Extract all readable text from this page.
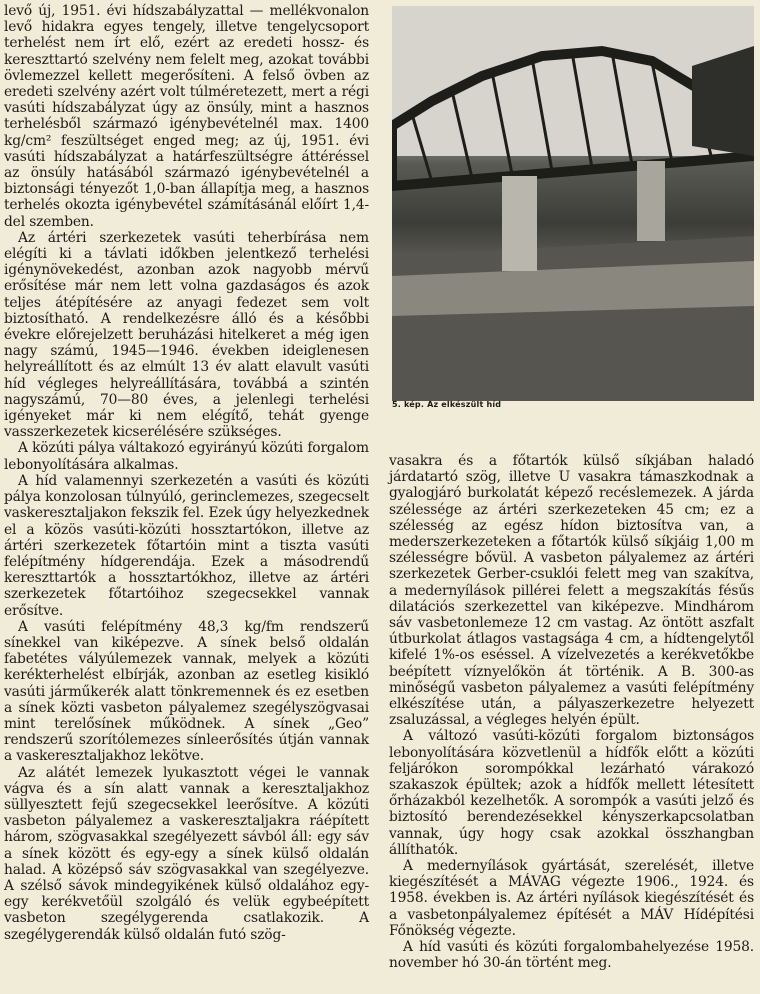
levő új, 1951. évi hídszabályzattal — mellékvonalon levő hidakra egyes tengely, illetve tengelycsoport terhelést nem írt elő, ezért az eredeti hossz- és kereszttartó szelvény nem felelt meg, azokat további övlemezzel kellett megerősíteni. A felső övben az eredeti szelvény azért volt túlméretezett, mert a régi vasúti hídszabályzat úgy az önsúly, mint a hasznos terhelésből származó igénybevételnél max. 1400 kg/cm² feszültséget enged meg; az új, 1951. évi vasúti hídszabályzat a határfeszültségre áttéréssel az önsúly hatásából származó igénybevételnél a biztonsági tényezőt 1,0-ban állapítja meg, a hasznos terhelés okozta igénybevétel számításánál előírt 1,4-del szemben.

Az ártéri szerkezetek vasúti teherbírása nem elégíti ki a távlati időkben jelentkező terhelési igénynövekedést, azonban azok nagyobb mérvű erősítése már nem lett volna gazdaságos és azok teljes átépítésére az anyagi fedezet sem volt biztosítható. A rendelkezésre álló és a későbbi évekre előrejelzett beruházási hitelkeret a még igen nagy számú, 1945—1946. években ideiglenesen helyreállított és az elmúlt 13 év alatt elavult vasúti híd végleges helyreállítására, továbbá a szintén nagyszámú, 70—80 éves, a jelenlegi terhelési igényeket már ki nem elégítő, tehát gyenge vasszerkezetek kicserélésére szükséges.

A közúti pálya váltakozó egyirányú közúti forgalom lebonyolítására alkalmas.

A híd valamennyi szerkezetén a vasúti és közúti pálya konzolosan túlnyúló, gerinclemezes, szegecselt vaskeresztaljakon fekszik fel. Ezek úgy helyezkednek el a közös vasúti-közúti hossztartókon, illetve az ártéri szerkezetek főtartóin mint a tiszta vasúti felépítmény hídgerendája. Ezek a másodrendű kereszttartók a hossztartókhoz, illetve az ártéri szerkezetek főtartóihoz szegecsekkel vannak erősítve.

A vasúti felépítmény 48,3 kg/fm rendszerű sínekkel van kiképezve. A sínek belső oldalán fabetétes vályúlemezek vannak, melyek a közúti kerékterhelést elbírják, azonban az esetleg kisiklό vasúti járműkerék alatt tönkremennek és ez esetben a sínek közti vasbeton pályalemez szegélyszögvasai mint terelősínek működnek. A sínek „Geo” rendszerű szorítólemezes sínleerősítés útján vannak a vaskeresztaljakhoz lekötve.

Az alátét lemezek lyukasztott végei le vannak vágva és a sín alatt vannak a keresztaljakhoz süllyesztett fejű szegecsekkel leerősítve. A közúti vasbeton pályalemez a vaskeresztaljakra ráépített három, szögvasakkal szegélyezett sávból áll: egy sáv a sínek között és egy-egy a sínek külső oldalán halad. A középső sáv szögvasakkal van szegélyezve. A szélső sávok mindegyikének külső oldalához egy-egy kerékvetőül szolgáló és velük egybeépített vasbeton szegélygerenda csatlakozik. A szegélygerendák külső oldalán futó szög-

5. kép. Az elkészült híd

vasakra és a főtartók külső síkjában haladó járdatartó szög, illetve U vasakra támaszkodnak a gyalogjáró burkolatát képező recéslemezek. A járda szélessége az ártéri szerkezeteken 45 cm; ez a szélesség az egész hídon biztosítva van, a mederszerkezeteken a főtartók külső síkjáig 1,00 m szélességre bővül. A vasbeton pályalemez az ártéri szerkezetek Gerber-csuklói felett meg van szakítva, a medernyílások pillérei felett a megszakítás fésűs dilatációs szerkezettel van kiképezve. Mindhárom sáv vasbetonlemeze 12 cm vastag. Az öntött aszfalt útburkolat átlagos vastagsága 4 cm, a hídtengelytől kifelé 1%-os eséssel. A vízelvezetés a kerékvetőkbe beépített víznyelőkön át történik. A B. 300-as minőségű vasbeton pályalemez a vasúti felépítmény elkészítése után, a pályaszerkezetre helyezett zsaluzással, a végleges helyén épült.

A változó vasúti-közúti forgalom biztonságos lebonyolítására közvetlenül a hídfők előtt a közúti feljárókon sorompókkal lezárható várakozó szakaszok épültek; azok a hídfők mellett létesített őrházakból kezelhetők. A sorompók a vasúti jelző és biztosító berendezésekkel kényszerkapcsolatban vannak, úgy hogy csak azokkal összhangban állíthatók.

A medernyílások gyártását, szerelését, illetve kiegészítését a MÁVAG végezte 1906., 1924. és 1958. években is. Az ártéri nyílások kiegészítését és a vasbetonpályalemez építését a MÁV Hídépítési Főnökség végezte.

A híd vasúti és közúti forgalombahelyezése 1958. november hó 30-án történt meg.
